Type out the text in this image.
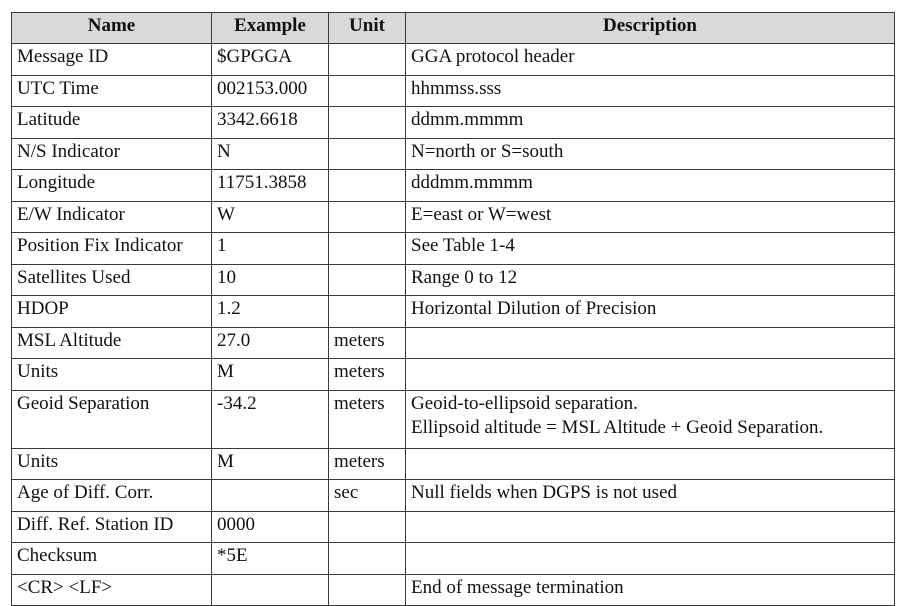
Name	Example	Unit	Description
Message ID	$GPGGA		GGA protocol header

UTC Time	002153.000		hhmmss.sss

Latitude	3342.6618		ddmm.mmmm

N/S Indicator	N		N=north or S=south

Longitude	11751.3858		dddmm.mmmm

E/W Indicator	W		E=east or W=west

Position Fix Indicator	1		See Table 1-4

Satellites Used	10		Range 0 to 12

HDOP	1.2		Horizontal Dilution of Precision

MSL Altitude	27.0	meters	

Units	M	meters	

Geoid Separation	-34.2	meters	Geoid-to-ellipsoid separation.
Ellipsoid altitude = MSL Altitude + Geoid Separation.

Units	M	meters	

Age of Diff. Corr.		sec	Null fields when DGPS is not used

Diff. Ref. Station ID	0000		

Checksum	*5E		

<CR> <LF>			End of message termination
